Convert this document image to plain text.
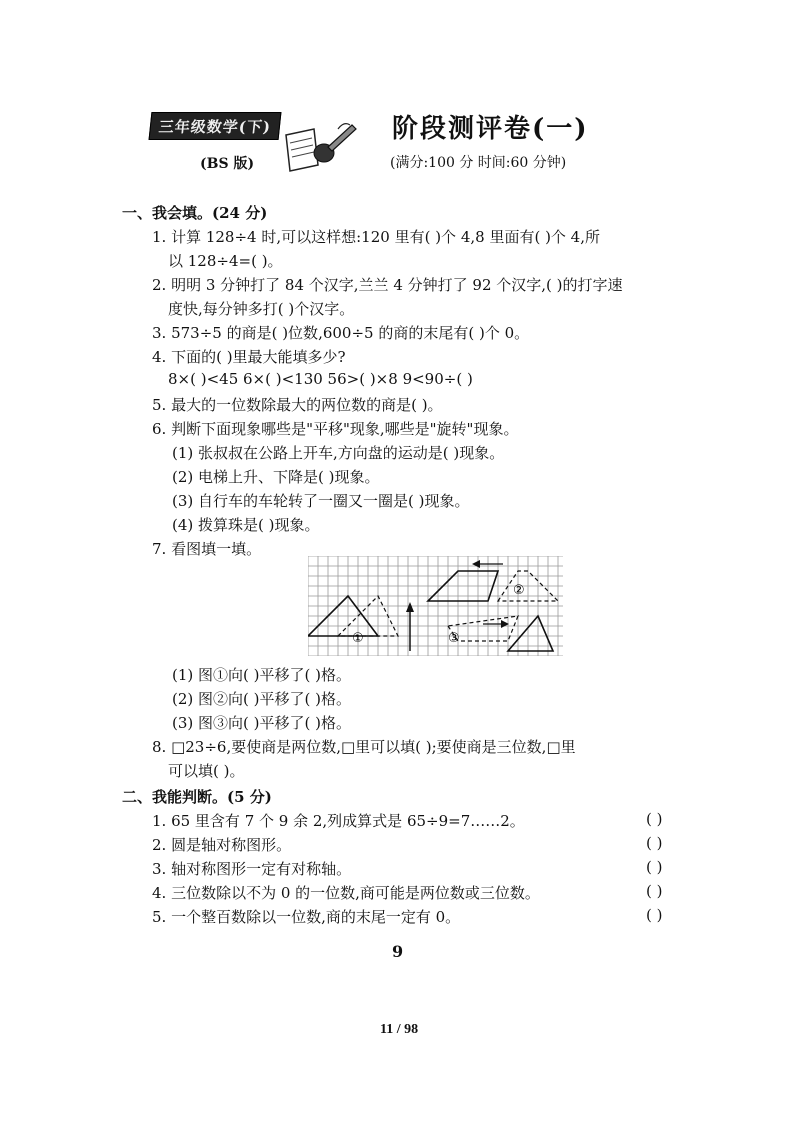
三年级数学(下)
(BS 版)
阶段测评卷(一)
(满分:100 分 时间:60 分钟)
一、我会填。(24 分)
1. 计算 128÷4 时,可以这样想:120 里有( )个 4,8 里面有( )个 4,所
以 128÷4=( )。
2. 明明 3 分钟打了 84 个汉字,兰兰 4 分钟打了 92 个汉字,( )的打字速
度快,每分钟多打( )个汉字。
3. 573÷5 的商是( )位数,600÷5 的商的末尾有( )个 0。
4. 下面的( )里最大能填多少?
8×( )<45 6×( )<130 56>( )×8 9<90÷( )
5. 最大的一位数除最大的两位数的商是( )。
6. 判断下面现象哪些是"平移"现象,哪些是"旋转"现象。
(1) 张叔叔在公路上开车,方向盘的运动是( )现象。
(2) 电梯上升、下降是( )现象。
(3) 自行车的车轮转了一圈又一圈是( )现象。
(4) 拨算珠是( )现象。
7. 看图填一填。
①
②
③
(1) 图①向( )平移了( )格。
(2) 图②向( )平移了( )格。
(3) 图③向( )平移了( )格。
8. □23÷6,要使商是两位数,□里可以填( );要使商是三位数,□里
可以填( )。
二、我能判断。(5 分)
1. 65 里含有 7 个 9 余 2,列成算式是 65÷9=7……2。	( )
2. 圆是轴对称图形。	( )
3. 轴对称图形一定有对称轴。	( )
4. 三位数除以不为 0 的一位数,商可能是两位数或三位数。	( )
5. 一个整百数除以一位数,商的末尾一定有 0。	( )
9
11 / 98
